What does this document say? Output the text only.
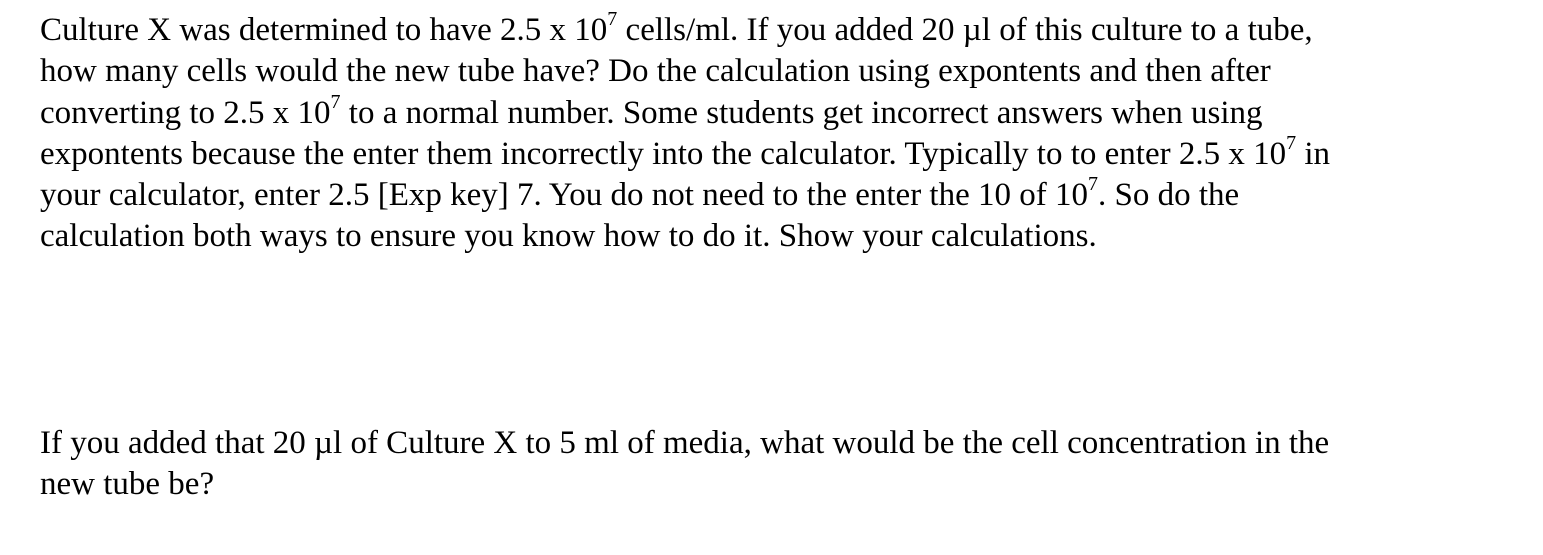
Culture X was determined to have 2.5 x $10^7$ cells/ml. If you added 20 µl of this culture to a tube,
how many cells would the new tube have? Do the calculation using expontents and then after
converting to 2.5 x $10^7$ to a normal number. Some students get incorrect answers when using
expontents because the enter them incorrectly into the calculator. Typically to to enter 2.5 x $10^7$ in
your calculator, enter 2.5 [Exp key] 7. You do not need to the enter the 10 of $10^7$. So do the
calculation both ways to ensure you know how to do it. Show your calculations.

If you added that 20 µl of Culture X to 5 ml of media, what would be the cell concentration in the
new tube be?
